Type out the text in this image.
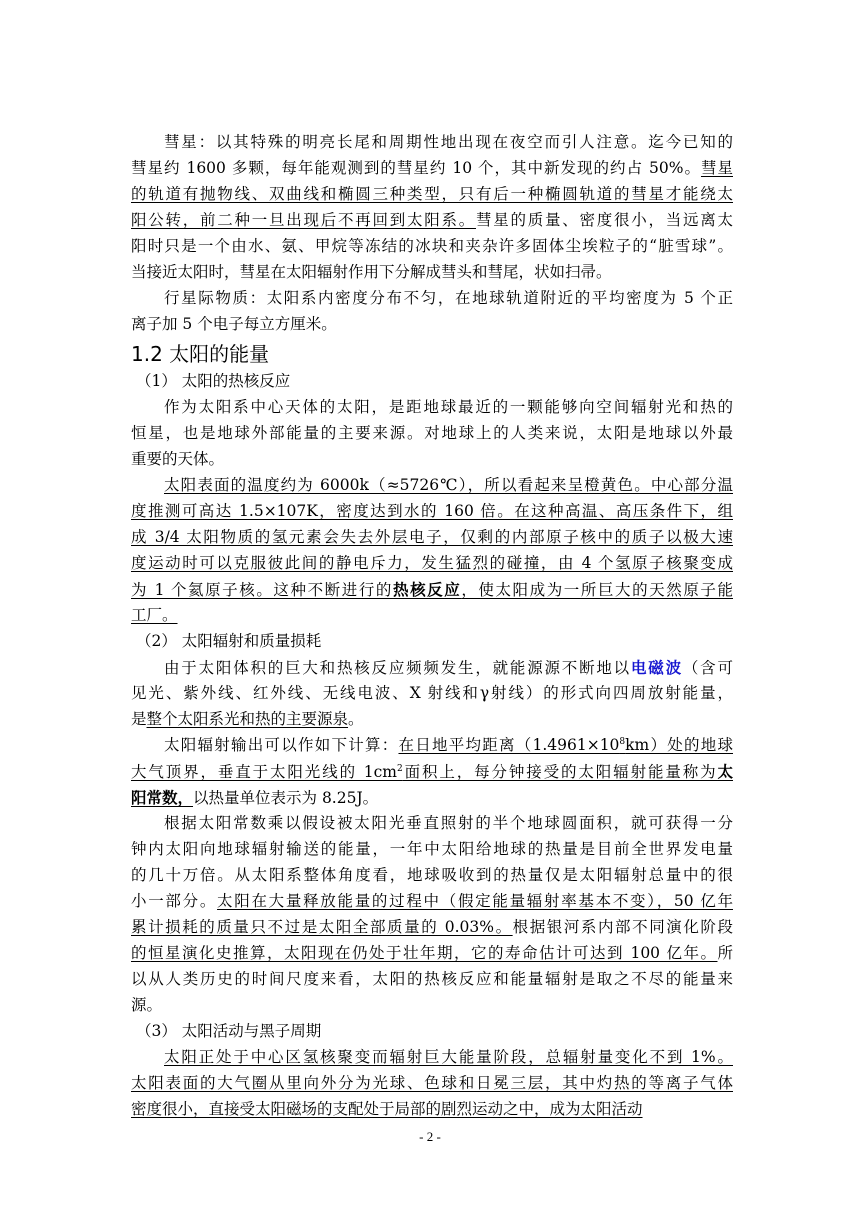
彗星：以其特殊的明亮长尾和周期性地出现在夜空而引人注意。迄今已知的
彗星约 1600 多颗，每年能观测到的彗星约 10 个，其中新发现的约占 50%。彗星
的轨道有抛物线、双曲线和椭圆三种类型，只有后一种椭圆轨道的彗星才能绕太
阳公转，前二种一旦出现后不再回到太阳系。彗星的质量、密度很小，当远离太
阳时只是一个由水、氨、甲烷等冻结的冰块和夹杂许多固体尘埃粒子的“脏雪球”。
当接近太阳时，彗星在太阳辐射作用下分解成彗头和彗尾，状如扫帚。
行星际物质：太阳系内密度分布不匀，在地球轨道附近的平均密度为 5 个正
离子加 5 个电子每立方厘米。
1.2 太阳的能量
（1） 太阳的热核反应
作为太阳系中心天体的太阳，是距地球最近的一颗能够向空间辐射光和热的
恒星，也是地球外部能量的主要来源。对地球上的人类来说，太阳是地球以外最
重要的天体。
太阳表面的温度约为 6000k（≈5726℃），所以看起来呈橙黄色。中心部分温
度推测可高达 1.5×107K，密度达到水的 160 倍。在这种高温、高压条件下，组
成 3/4 太阳物质的氢元素会失去外层电子，仅剩的内部原子核中的质子以极大速
度运动时可以克服彼此间的静电斥力，发生猛烈的碰撞，由 4 个氢原子核聚变成
为 1 个氦原子核。这种不断进行的热核反应，使太阳成为一所巨大的天然原子能
工厂。
（2） 太阳辐射和质量损耗
由于太阳体积的巨大和热核反应频频发生，就能源源不断地以电磁波（含可
见光、紫外线、红外线、无线电波、X 射线和γ射线）的形式向四周放射能量，
是整个太阳系光和热的主要源泉。
太阳辐射输出可以作如下计算：在日地平均距离$(1.4961\times 10^8km)$处的地球
大气顶界，垂直于太阳光线的 $1cm^2$面积上，每分钟接受的太阳辐射能量称为太
阳常数，以热量单位表示为 8.25J。
根据太阳常数乘以假设被太阳光垂直照射的半个地球圆面积，就可获得一分
钟内太阳向地球辐射输送的能量，一年中太阳给地球的热量是目前全世界发电量
的几十万倍。从太阳系整体角度看，地球吸收到的热量仅是太阳辐射总量中的很
小一部分。太阳在大量释放能量的过程中（假定能量辐射率基本不变），50 亿年
累计损耗的质量只不过是太阳全部质量的 0.03%。根据银河系内部不同演化阶段
的恒星演化史推算，太阳现在仍处于壮年期，它的寿命估计可达到 100 亿年。所
以从人类历史的时间尺度来看，太阳的热核反应和能量辐射是取之不尽的能量来
源。
（3） 太阳活动与黑子周期
太阳正处于中心区氢核聚变而辐射巨大能量阶段，总辐射量变化不到 1%。
太阳表面的大气圈从里向外分为光球、色球和日冕三层，其中灼热的等离子气体
密度很小，直接受太阳磁场的支配处于局部的剧烈运动之中，成为太阳活动
- 2 -
